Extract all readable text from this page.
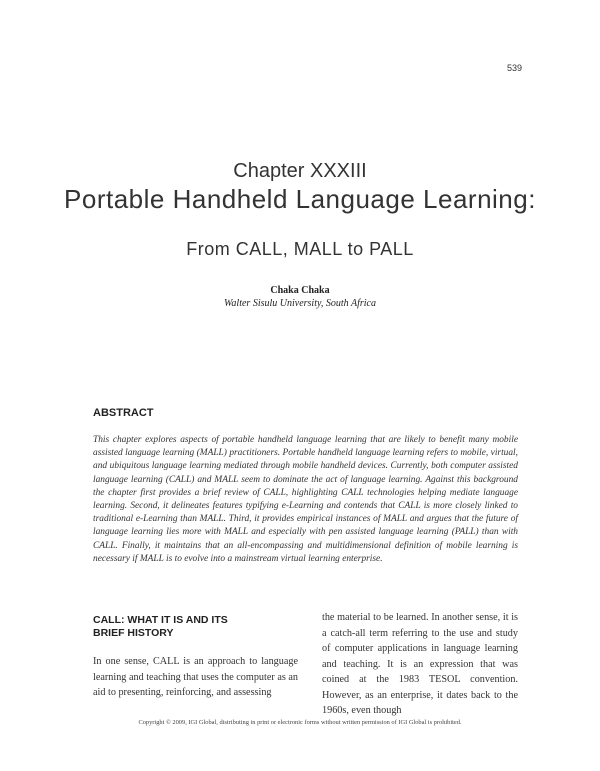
539
Chapter XXXIII
Portable Handheld Language Learning:
From CALL, MALL to PALL
Chaka Chaka
Walter Sisulu University, South Africa
ABSTRACT

This chapter explores aspects of portable handheld language learning that are likely to benefit many mobile assisted language learning (MALL) practitioners. Portable handheld language learning refers to mobile, virtual, and ubiquitous language learning mediated through mobile handheld devices. Currently, both computer assisted language learning (CALL) and MALL seem to dominate the act of language learning. Against this background the chapter first provides a brief review of CALL, highlighting CALL technologies helping mediate language learning. Second, it delineates features typifying e-Learning and contends that CALL is more closely linked to traditional e-Learning than MALL. Third, it provides empirical instances of MALL and argues that the future of language learning lies more with MALL and especially with pen assisted language learning (PALL) than with CALL. Finally, it maintains that an all-encompassing and multidimensional definition of mobile learning is necessary if MALL is to evolve into a mainstream virtual learning enterprise.

CALL: WHAT IT IS AND ITS
BRIEF HISTORY

In one sense, CALL is an approach to language learning and teaching that uses the computer as an aid to presenting, reinforcing, and assessing

the material to be learned. In another sense, it is a catch-all term referring to the use and study of computer applications in language learning and teaching. It is an expression that was coined at the 1983 TESOL convention. However, as an enterprise, it dates back to the 1960s, even though

Copyright © 2009, IGI Global, distributing in print or electronic forms without written permission of IGI Global is prohibited.
